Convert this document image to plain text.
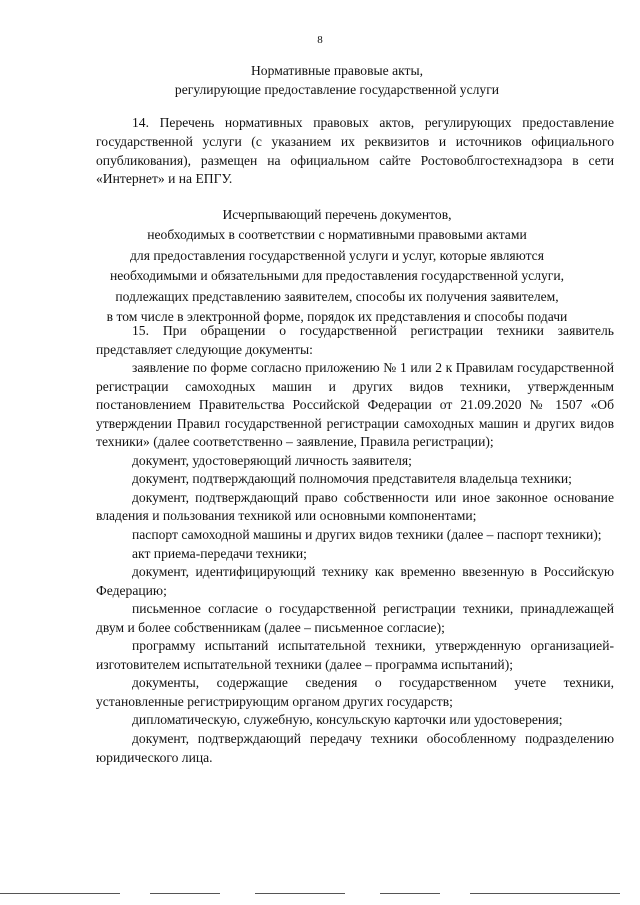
8
Нормативные правовые акты,
регулирующие предоставление государственной услуги

14. Перечень нормативных правовых актов, регулирующих предоставление государственной услуги (с указанием их реквизитов и источников официального опубликования), размещен на официальном сайте Ростовоблгостехнадзора в сети «Интернет» и на ЕПГУ.

Исчерпывающий перечень документов,
необходимых в соответствии с нормативными правовыми актами
для предоставления государственной услуги и услуг, которые являются
необходимыми и обязательными для предоставления государственной услуги,
подлежащих представлению заявителем, способы их получения заявителем,
в том числе в электронной форме, порядок их представления и способы подачи

15. При обращении о государственной регистрации техники заявитель представляет следующие документы:

заявление по форме согласно приложению № 1 или 2 к Правилам государственной регистрации самоходных машин и других видов техники, утвержденным постановлением Правительства Российской Федерации от 21.09.2020 № 1507 «Об утверждении Правил государственной регистрации самоходных машин и других видов техники» (далее соответственно – заявление, Правила регистрации);

документ, удостоверяющий личность заявителя;

документ, подтверждающий полномочия представителя владельца техники;

документ, подтверждающий право собственности или иное законное основание владения и пользования техникой или основными компонентами;

паспорт самоходной машины и других видов техники (далее – паспорт техники);

акт приема-передачи техники;

документ, идентифицирующий технику как временно ввезенную в Российскую Федерацию;

письменное согласие о государственной регистрации техники, принадлежащей двум и более собственникам (далее – письменное согласие);

программу испытаний испытательной техники, утвержденную организацией-изготовителем испытательной техники (далее – программа испытаний);

документы, содержащие сведения о государственном учете техники, установленные регистрирующим органом других государств;

дипломатическую, служебную, консульскую карточки или удостоверения;

документ, подтверждающий передачу техники обособленному подразделению юридического лица.
